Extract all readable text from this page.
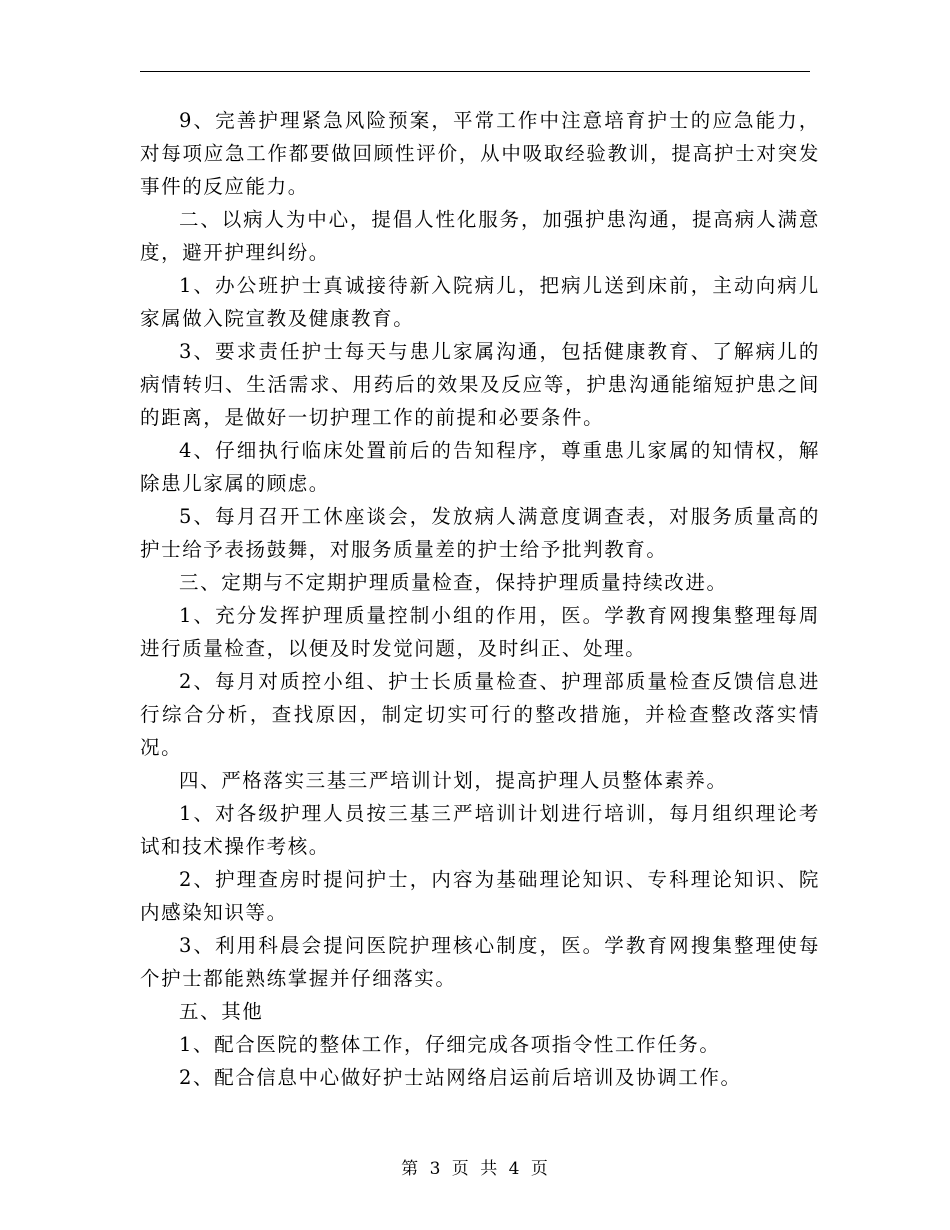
9、完善护理紧急风险预案，平常工作中注意培育护士的应急能力，对每项应急工作都要做回顾性评价，从中吸取经验教训，提高护士对突发事件的反应能力。

二、以病人为中心，提倡人性化服务，加强护患沟通，提高病人满意度，避开护理纠纷。

1、办公班护士真诚接待新入院病儿，把病儿送到床前，主动向病儿家属做入院宣教及健康教育。

3、要求责任护士每天与患儿家属沟通，包括健康教育、了解病儿的病情转归、生活需求、用药后的效果及反应等，护患沟通能缩短护患之间的距离，是做好一切护理工作的前提和必要条件。

4、仔细执行临床处置前后的告知程序，尊重患儿家属的知情权，解除患儿家属的顾虑。

5、每月召开工休座谈会，发放病人满意度调查表，对服务质量高的护士给予表扬鼓舞，对服务质量差的护士给予批判教育。

三、定期与不定期护理质量检查，保持护理质量持续改进。

1、充分发挥护理质量控制小组的作用，医。学教育网搜集整理每周进行质量检查，以便及时发觉问题，及时纠正、处理。

2、每月对质控小组、护士长质量检查、护理部质量检查反馈信息进行综合分析，查找原因，制定切实可行的整改措施，并检查整改落实情况。

四、严格落实三基三严培训计划，提高护理人员整体素养。

1、对各级护理人员按三基三严培训计划进行培训，每月组织理论考试和技术操作考核。

2、护理查房时提问护士，内容为基础理论知识、专科理论知识、院内感染知识等。

3、利用科晨会提问医院护理核心制度，医。学教育网搜集整理使每个护士都能熟练掌握并仔细落实。

五、其他

1、配合医院的整体工作，仔细完成各项指令性工作任务。

2、配合信息中心做好护士站网络启运前后培训及协调工作。

第 3 页 共 4 页
